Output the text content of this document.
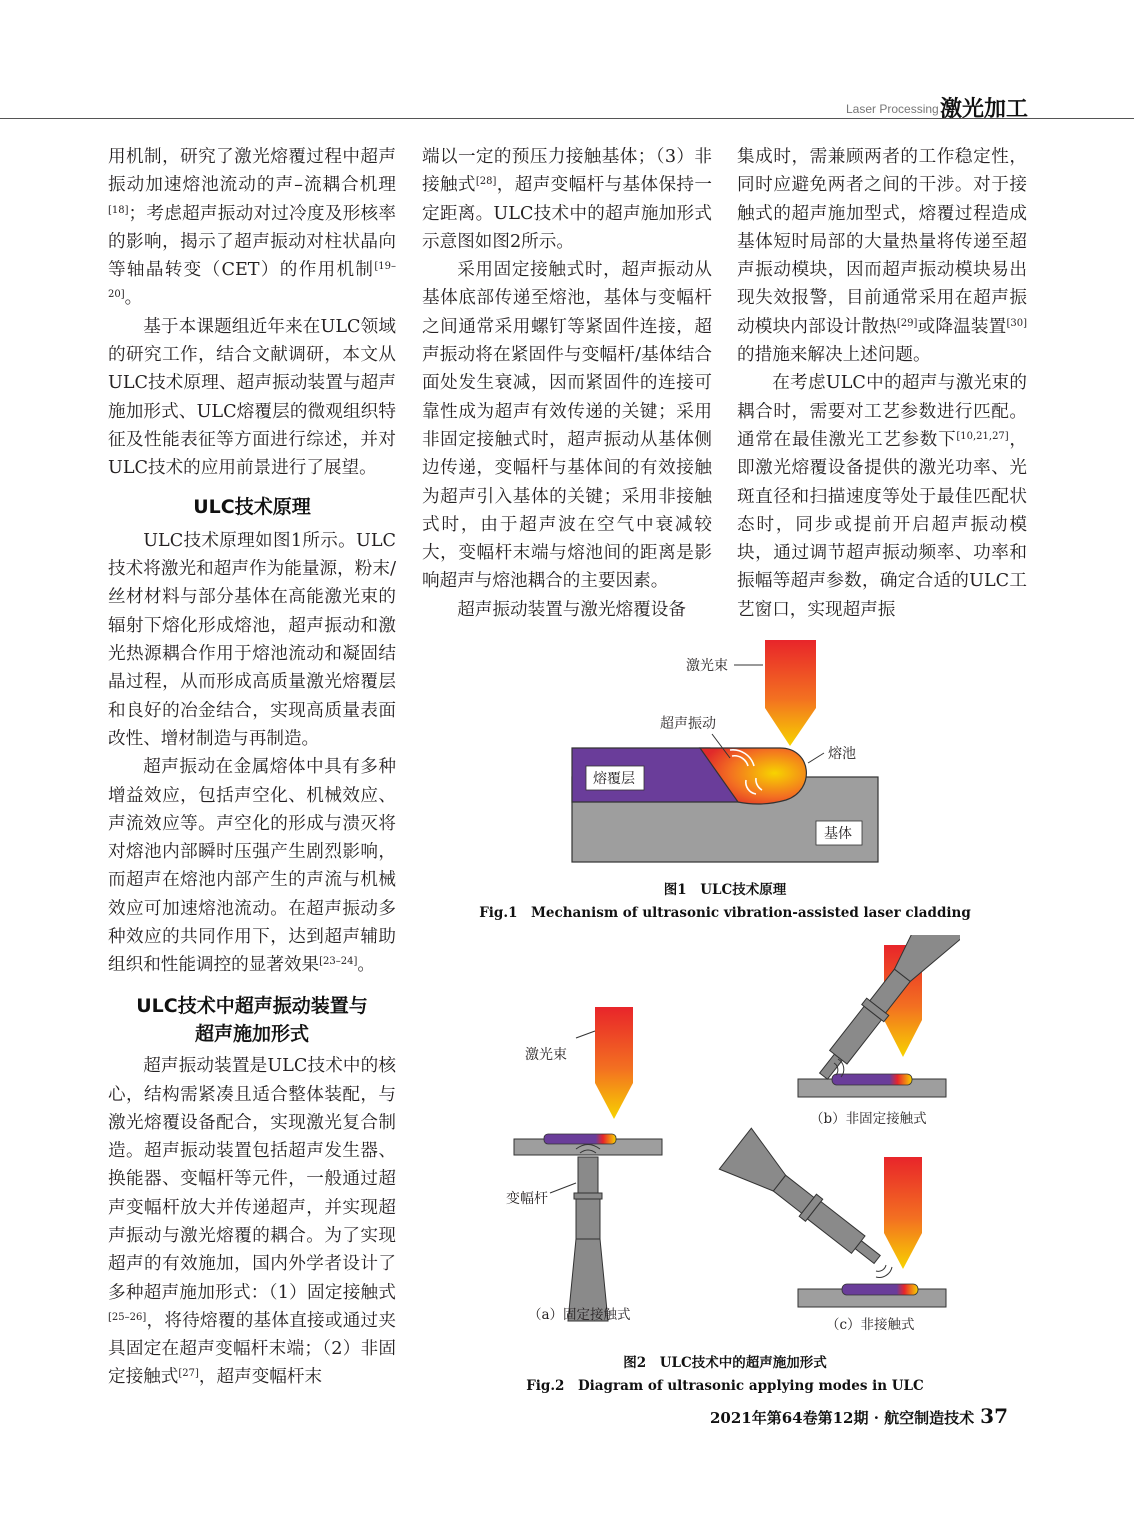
Laser Processing 激光加工

用机制，研究了激光熔覆过程中超声振动加速熔池流动的声–流耦合机理[18]；考虑超声振动对过冷度及形核率的影响，揭示了超声振动对柱状晶向等轴晶转变（CET）的作用机制[19–20]。

基于本课题组近年来在ULC领域的研究工作，结合文献调研，本文从ULC技术原理、超声振动装置与超声施加形式、ULC熔覆层的微观组织特征及性能表征等方面进行综述，并对ULC技术的应用前景进行了展望。

ULC技术原理

ULC技术原理如图1所示。ULC技术将激光和超声作为能量源，粉末/丝材材料与部分基体在高能激光束的辐射下熔化形成熔池，超声振动和激光热源耦合作用于熔池流动和凝固结晶过程，从而形成高质量激光熔覆层和良好的冶金结合，实现高质量表面改性、增材制造与再制造。

超声振动在金属熔体中具有多种增益效应，包括声空化、机械效应、声流效应等。声空化的形成与溃灭将对熔池内部瞬时压强产生剧烈影响，而超声在熔池内部产生的声流与机械效应可加速熔池流动。在超声振动多种效应的共同作用下，达到超声辅助组织和性能调控的显著效果[23–24]。

ULC技术中超声振动装置与
超声施加形式

超声振动装置是ULC技术中的核心，结构需紧凑且适合整体装配，与激光熔覆设备配合，实现激光复合制造。超声振动装置包括超声发生器、换能器、变幅杆等元件，一般通过超声变幅杆放大并传递超声，并实现超声振动与激光熔覆的耦合。为了实现超声的有效施加，国内外学者设计了多种超声施加形式：（1）固定接触式[25–26]，将待熔覆的基体直接或通过夹具固定在超声变幅杆末端；（2）非固定接触式[27]，超声变幅杆末

端以一定的预压力接触基体；（3）非接触式[28]，超声变幅杆与基体保持一定距离。ULC技术中的超声施加形式示意图如图2所示。

采用固定接触式时，超声振动从基体底部传递至熔池，基体与变幅杆之间通常采用螺钉等紧固件连接，超声振动将在紧固件与变幅杆/基体结合面处发生衰减，因而紧固件的连接可靠性成为超声有效传递的关键；采用非固定接触式时，超声振动从基体侧边传递，变幅杆与基体间的有效接触为超声引入基体的关键；采用非接触式时，由于超声波在空气中衰减较大，变幅杆末端与熔池间的距离是影响超声与熔池耦合的主要因素。

超声振动装置与激光熔覆设备

集成时，需兼顾两者的工作稳定性，同时应避免两者之间的干涉。对于接触式的超声施加型式，熔覆过程造成基体短时局部的大量热量将传递至超声振动模块，因而超声振动模块易出现失效报警，目前通常采用在超声振动模块内部设计散热[29]或降温装置[30]的措施来解决上述问题。

在考虑ULC中的超声与激光束的耦合时，需要对工艺参数进行匹配。通常在最佳激光工艺参数下[10,21,27]，即激光熔覆设备提供的激光功率、光斑直径和扫描速度等处于最佳匹配状态时，同步或提前开启超声振动模块，通过调节超声振动频率、功率和振幅等超声参数，确定合适的ULC工艺窗口，实现超声振

激光束
超声振动
熔池
熔覆层
基体
图1　ULC技术原理
Fig.1　Mechanism of ultrasonic vibration-assisted laser cladding
激光束
变幅杆
（a）固定接触式
（b）非固定接触式
（c）非接触式
图2　ULC技术中的超声施加形式
Fig.2　Diagram of ultrasonic applying modes in ULC
2021年第64卷第12期 · 航空制造技术 37
